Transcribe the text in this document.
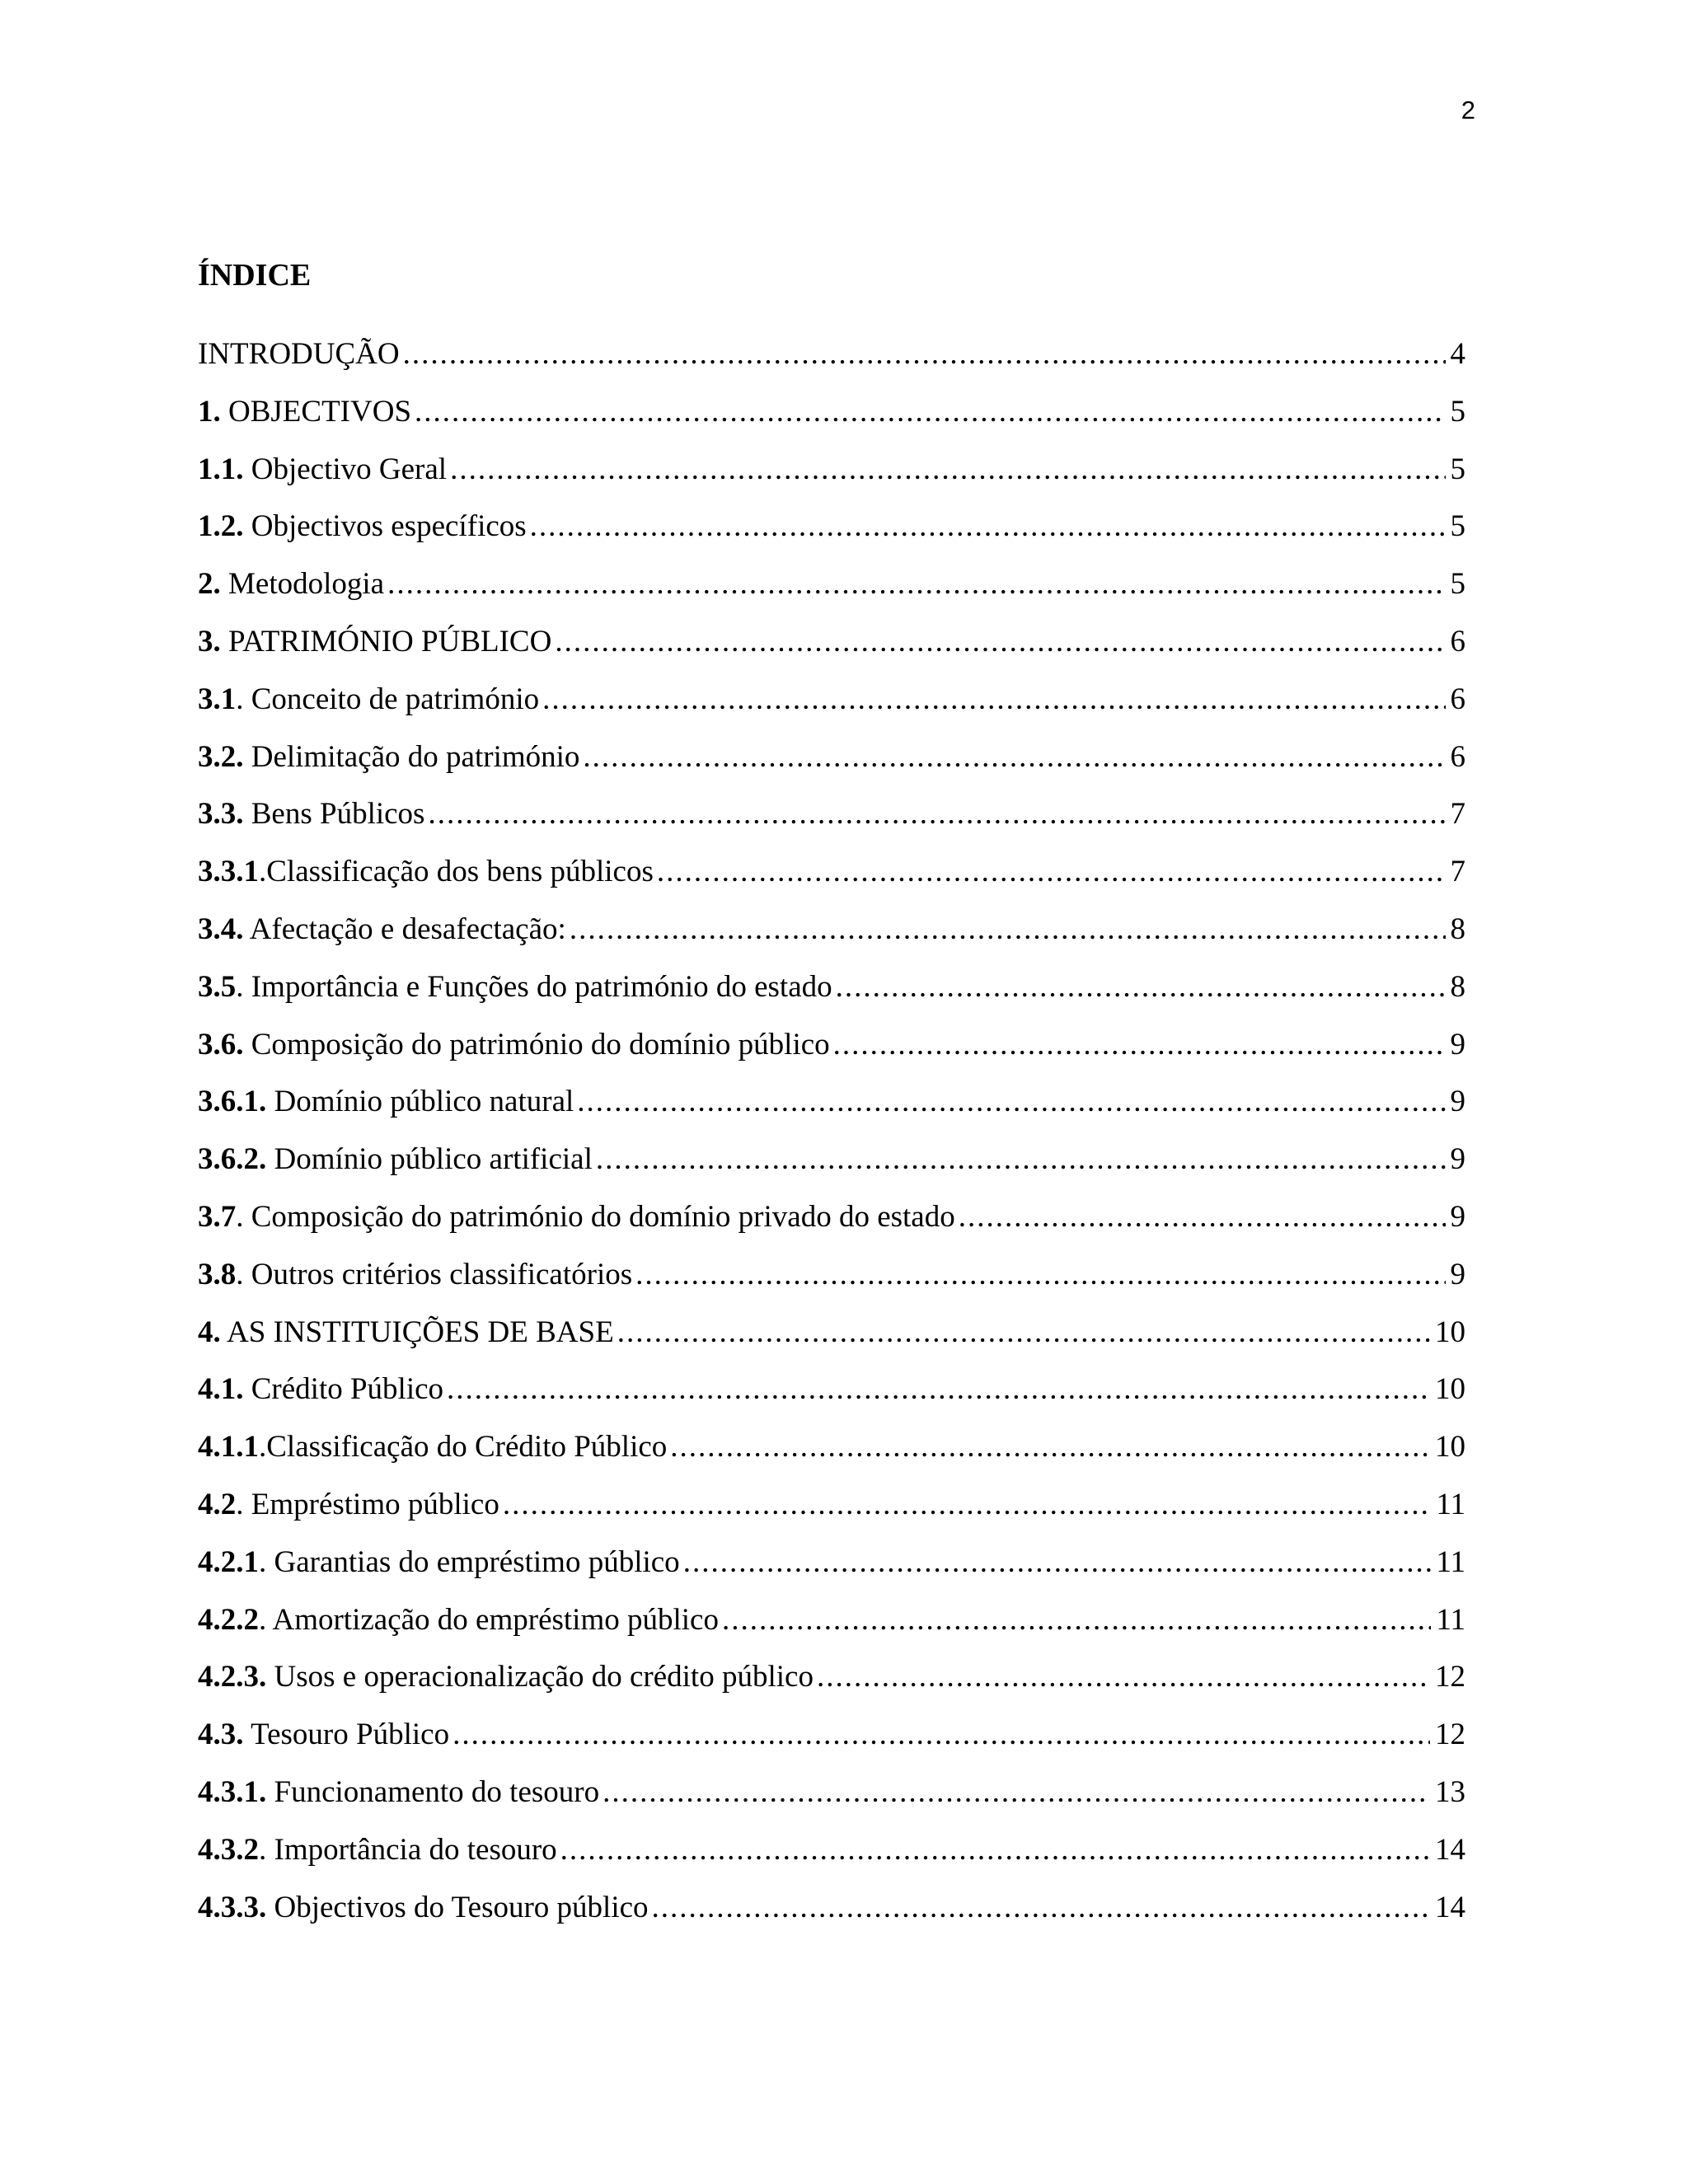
2
ÍNDICE
INTRODUÇÃO .....	4
1. OBJECTIVOS .....	5
1.1. Objectivo Geral .....	5
1.2. Objectivos específicos .....	5
2. Metodologia .....	5
3. PATRIMÓNIO PÚBLICO .....	6
3.1. Conceito de património .....	6
3.2. Delimitação do património .....	6
3.3. Bens Públicos .....	7
3.3.1.Classificação dos bens públicos .....	7
3.4. Afectação e desafectação: .....	8
3.5. Importância e Funções do património do estado .....	8
3.6. Composição do património do domínio público .....	9
3.6.1. Domínio público natural .....	9
3.6.2. Domínio público artificial .....	9
3.7. Composição do património do domínio privado do estado .....	9
3.8. Outros critérios classificatórios .....	9
4. AS INSTITUIÇÕES DE BASE .....	10
4.1. Crédito Público .....	10
4.1.1.Classificação do Crédito Público .....	10
4.2. Empréstimo público .....	11
4.2.1. Garantias do empréstimo público .....	11
4.2.2. Amortização do empréstimo público .....	11
4.2.3. Usos e operacionalização do crédito público .....	12
4.3. Tesouro Público .....	12
4.3.1. Funcionamento do tesouro .....	13
4.3.2. Importância do tesouro .....	14
4.3.3. Objectivos do Tesouro público .....	14
